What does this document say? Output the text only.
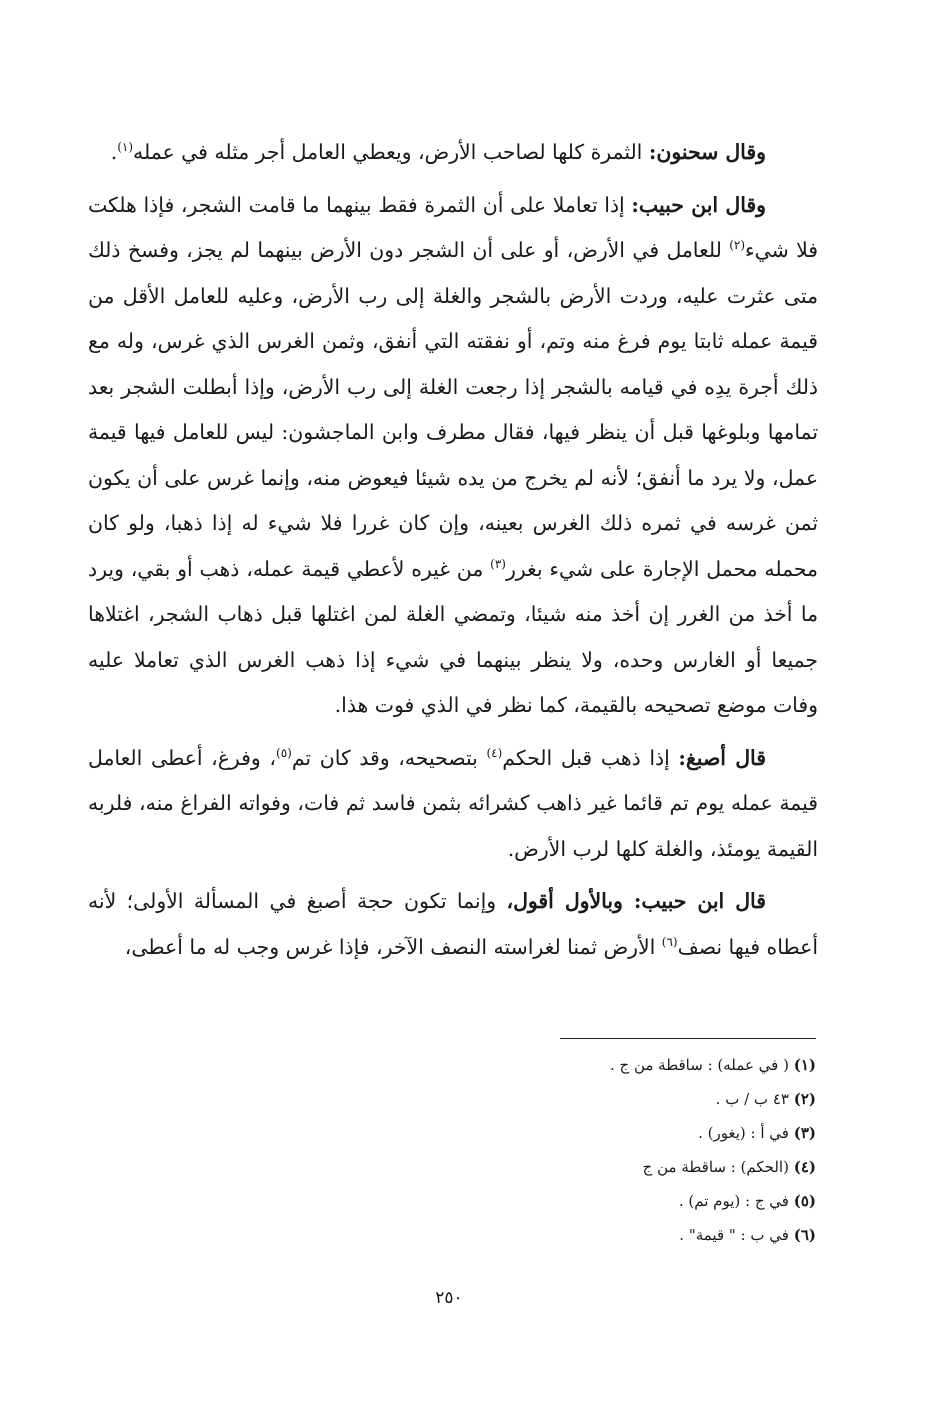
وقال سحنون: الثمرة كلها لصاحب الأرض، ويعطي العامل أجر مثله في عمله$^{(١)}$.

وقال ابن حبيب: إذا تعاملا على أن الثمرة فقط بينهما ما قامت الشجر، فإذا هلكت فلا شيء$^{(٢)}$ للعامل في الأرض، أو على أن الشجر دون الأرض بينهما لم يجز، وفسخ ذلك متى عثرت عليه، وردت الأرض بالشجر والغلة إلى رب الأرض، وعليه للعامل الأقل من قيمة عمله ثابتا يوم فرغ منه وتم، أو نفقته التي أنفق، وثمن الغرس الذي غرس، وله مع ذلك أجرة يدِه في قيامه بالشجر إذا رجعت الغلة إلى رب الأرض، وإذا أبطلت الشجر بعد تمامها وبلوغها قبل أن ينظر فيها، فقال مطرف وابن الماجشون: ليس للعامل فيها قيمة عمل، ولا يرد ما أنفق؛ لأنه لم يخرج من يده شيئا فيعوض منه، وإنما غرس على أن يكون ثمن غرسه في ثمره ذلك الغرس بعينه، وإن كان غررا فلا شيء له إذا ذهبا، ولو كان محمله محمل الإجارة على شيء بغرر$^{(٣)}$ من غيره لأعطي قيمة عمله، ذهب أو بقي، ويرد ما أخذ من الغرر إن أخذ منه شيئا، وتمضي الغلة لمن اغتلها قبل ذهاب الشجر، اغتلاها جميعا أو الغارس وحده، ولا ينظر بينهما في شيء إذا ذهب الغرس الذي تعاملا عليه وفات موضع تصحيحه بالقيمة، كما نظر في الذي فوت هذا.

قال أصبغ: إذا ذهب قبل الحكم$^{(٤)}$ بتصحيحه، وقد كان تم$^{(٥)}$، وفرغ، أعطى العامل قيمة عمله يوم تم قائما غير ذاهب كشرائه بثمن فاسد ثم فات، وفواته الفراغ منه، فلربه القيمة يومئذ، والغلة كلها لرب الأرض.

قال ابن حبيب: وبالأول أقول، وإنما تكون حجة أصبغ في المسألة الأولى؛ لأنه أعطاه فيها نصف$^{(٦)}$ الأرض ثمنا لغراسته النصف الآخر، فإذا غرس وجب له ما أعطى،

(١) ( في عمله) : ساقطة من ج .
(٢) ٤٣ ب / ب .
(٣) في أ : (يغور) .
(٤) (الحكم) : ساقطة من ج
(٥) في ج : (يوم تم) .
(٦) في ب : " قيمة" .
٢٥٠
